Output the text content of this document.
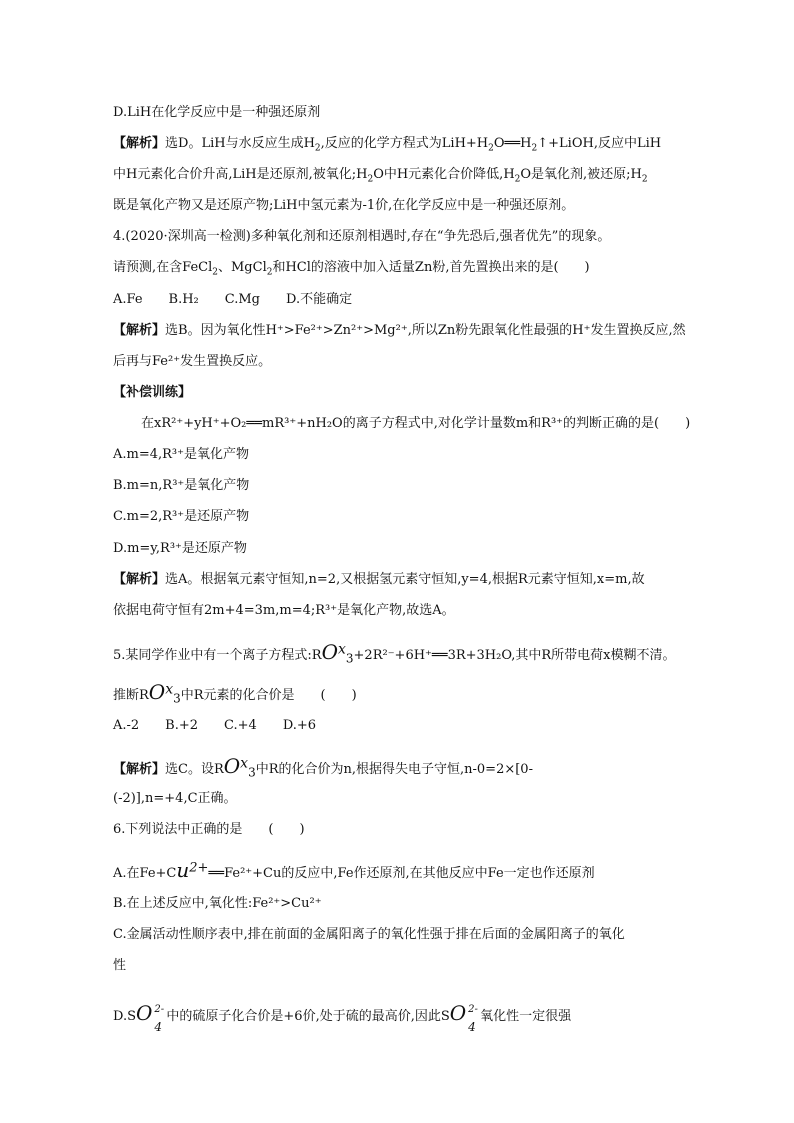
D.LiH在化学反应中是一种强还原剂
【解析】选D。LiH与水反应生成$H_2$,反应的化学方程式为$LiH+H_2O══H_2↑+LiOH$,反应中LiH
中H元素化合价升高,LiH是还原剂,被氧化$;H_2O$中H元素化合价降低$,H_2O$是氧化剂,被还原$;H_2$
既是氧化产物又是还原产物;LiH中氢元素为-1价,在化学反应中是一种强还原剂。
4.(2020·深圳高一检测)多种氧化剂和还原剂相遇时,存在“争先恐后,强者优先”的现象。
请预测,在含FeCl$_2$、MgCl$_2$和HCl的溶液中加入适量Zn粉,首先置换出来的是(　　)
A.Fe　　B.H₂　　C.Mg　　D.不能确定
【解析】选B。因为氧化性H⁺>Fe²⁺>Zn²⁺>Mg²⁺,所以Zn粉先跟氧化性最强的H⁺发生置换反应,然
后再与Fe²⁺发生置换反应。
【补偿训练】
在xR²⁺+yH⁺+O₂══mR³⁺+nH₂O的离子方程式中,对化学计量数m和R³⁺的判断正确的是(　　)
A.m=4,R³⁺是氧化产物
B.m=n,R³⁺是氧化产物
C.m=2,R³⁺是还原产物
D.m=y,R³⁺是还原产物
【解析】选A。根据氧元素守恒知,n=2,又根据氢元素守恒知,y=4,根据R元素守恒知,x=m,故
依据电荷守恒有2m+4=3m,m=4;R³⁺是氧化产物,故选A。
5.某同学作业中有一个离子方程式$:RO^x_3+2R^{2-}+6H^+══3R+3H_2O$,其中R所带电荷x模糊不清。
推断$RO^x_3$中R元素的化合价是　　(　　)
A.-2　　B.+2　　C.+4　　D.+6
【解析】选C。设$RO^x_3$中R的化合价为n,根据得失电子守恒,n-0=2×[0-
(-2)],n=+4,C正确。
6.下列说法中正确的是　　(　　)
A.在$Fe+Cu^{2+}══Fe^{2+}+Cu$的反应中,Fe作还原剂,在其他反应中Fe一定也作还原剂
B.在上述反应中,氧化性:Fe²⁺>Cu²⁺
C.金属活动性顺序表中,排在前面的金属阳离子的氧化性强于排在后面的金属阳离子的氧化
性
D.SO 2-
4
中的硫原子化合价是+6价,处于硫的最高价,因此SO 2-
4
氧化性一定很强
